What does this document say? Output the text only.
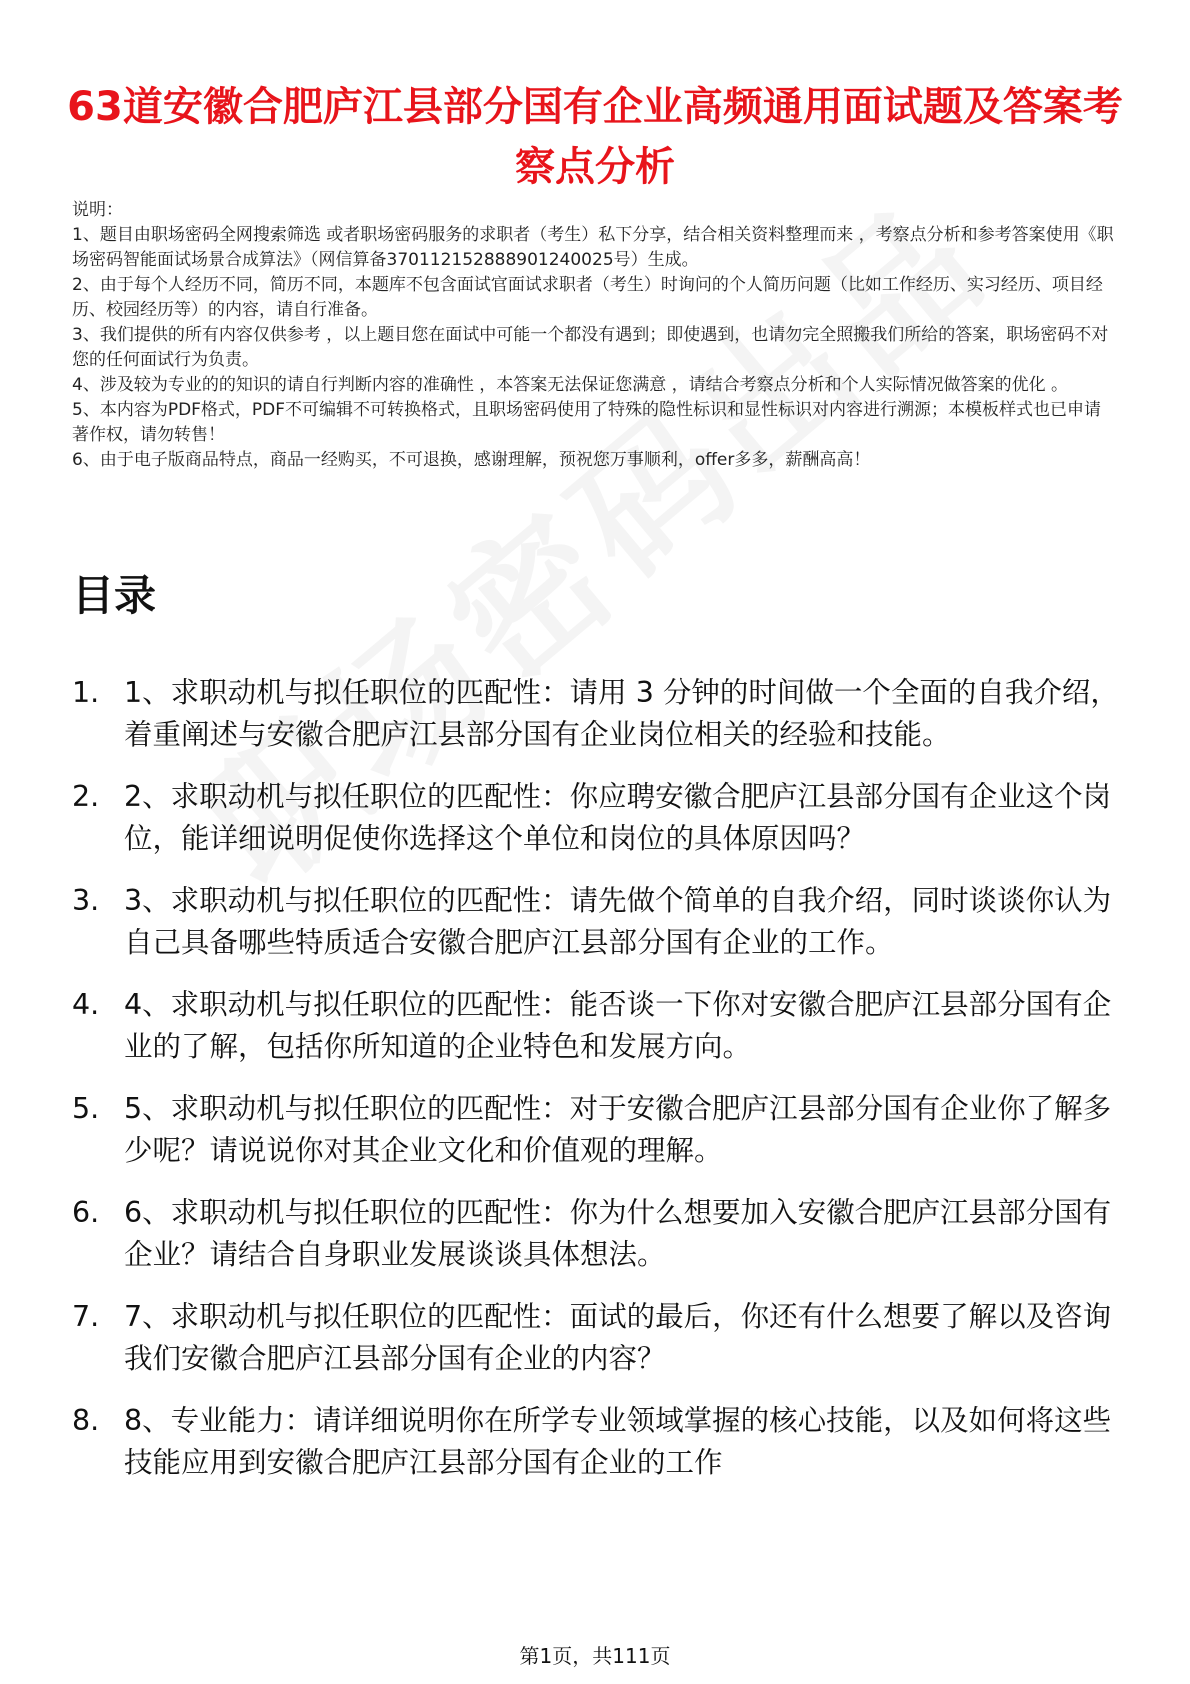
63道安徽合肥庐江县部分国有企业高频通用面试题及答案考察点分析

说明：

1、题目由职场密码全网搜索筛选 或者职场密码服务的求职者（考生）私下分享，结合相关资料整理而来 ，考察点分析和参考答案使用《职场密码智能面试场景合成算法》（网信算备370112152888901240025号）生成。

2、由于每个人经历不同，简历不同，本题库不包含面试官面试求职者（考生）时询问的个人简历问题（比如工作经历、实习经历、项目经历、校园经历等）的内容，请自行准备。

3、我们提供的所有内容仅供参考 ，以上题目您在面试中可能一个都没有遇到；即使遇到，也请勿完全照搬我们所给的答案，职场密码不对您的任何面试行为负责。

4、涉及较为专业的的知识的请自行判断内容的准确性 ，本答案无法保证您满意 ，请结合考察点分析和个人实际情况做答案的优化 。

5、本内容为PDF格式，PDF不可编辑不可转换格式，且职场密码使用了特殊的隐性标识和显性标识对内容进行溯源；本模板样式也已申请著作权，请勿转售！

6、由于电子版商品特点，商品一经购买，不可退换，感谢理解，预祝您万事顺利，offer多多，薪酬高高！

目录
1. 1、求职动机与拟任职位的匹配性：请用 3 分钟的时间做一个全面的自我介绍，着重阐述与安徽合肥庐江县部分国有企业岗位相关的经验和技能。
2. 2、求职动机与拟任职位的匹配性：你应聘安徽合肥庐江县部分国有企业这个岗位，能详细说明促使你选择这个单位和岗位的具体原因吗？
3. 3、求职动机与拟任职位的匹配性：请先做个简单的自我介绍，同时谈谈你认为自己具备哪些特质适合安徽合肥庐江县部分国有企业的工作。
4. 4、求职动机与拟任职位的匹配性：能否谈一下你对安徽合肥庐江县部分国有企业的了解，包括你所知道的企业特色和发展方向。
5. 5、求职动机与拟任职位的匹配性：对于安徽合肥庐江县部分国有企业你了解多少呢？请说说你对其企业文化和价值观的理解。
6. 6、求职动机与拟任职位的匹配性：你为什么想要加入安徽合肥庐江县部分国有企业？请结合自身职业发展谈谈具体想法。
7. 7、求职动机与拟任职位的匹配性：面试的最后，你还有什么想要了解以及咨询我们安徽合肥庐江县部分国有企业的内容？
8. 8、专业能力：请详细说明你在所学专业领域掌握的核心技能，以及如何将这些技能应用到安徽合肥庐江县部分国有企业的工作
第1页，共111页
